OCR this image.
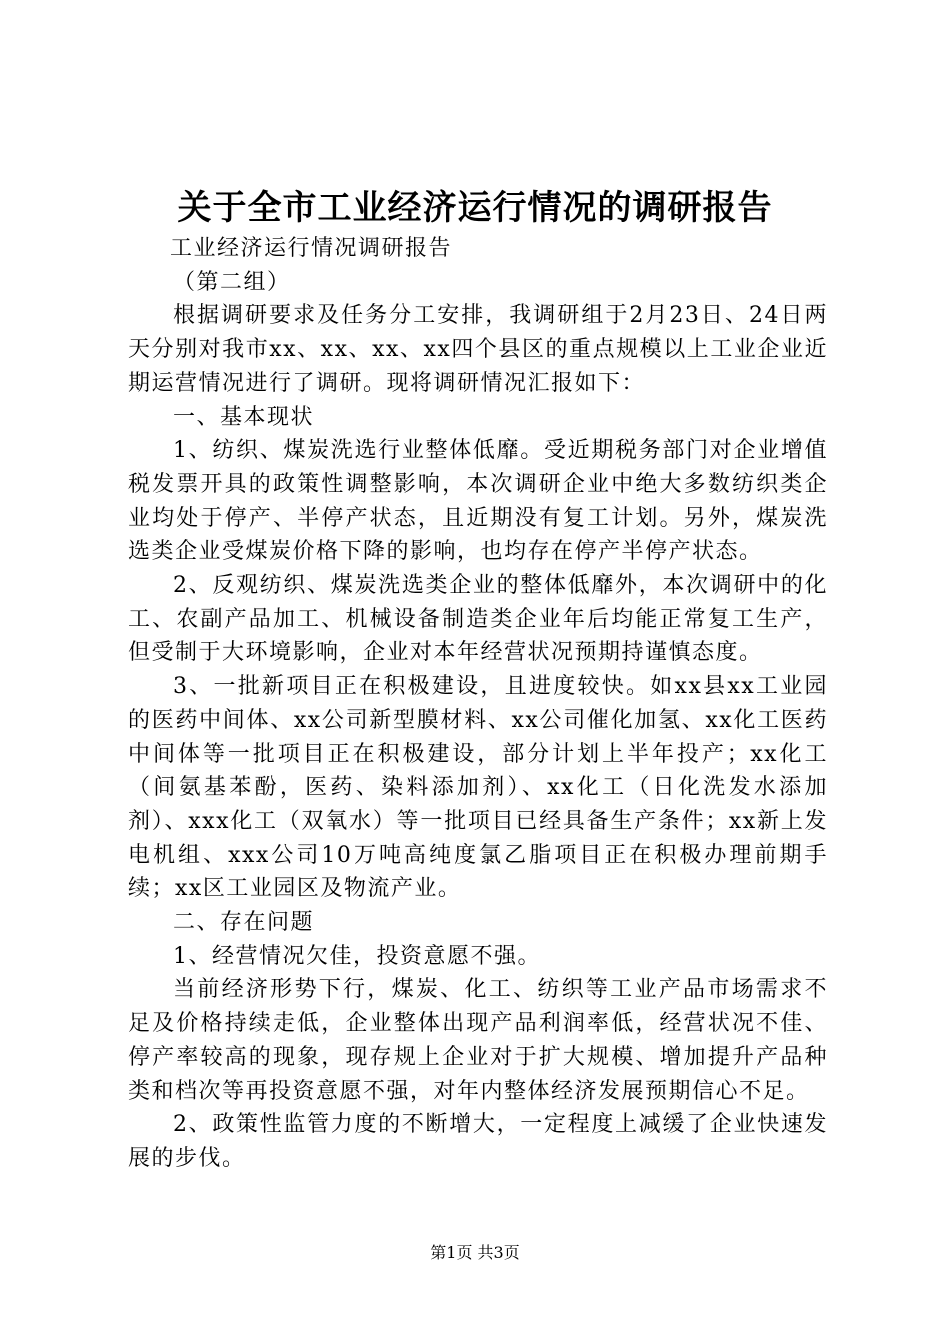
关于全市工业经济运行情况的调研报告

工业经济运行情况调研报告

（第二组）

根据调研要求及任务分工安排，我调研组于2月23日、24日两天分别对我市xx、xx、xx、xx四个县区的重点规模以上工业企业近期运营情况进行了调研。现将调研情况汇报如下：

一、基本现状

1、纺织、煤炭洗选行业整体低靡。受近期税务部门对企业增值税发票开具的政策性调整影响，本次调研企业中绝大多数纺织类企业均处于停产、半停产状态，且近期没有复工计划。另外，煤炭洗选类企业受煤炭价格下降的影响，也均存在停产半停产状态。

2、反观纺织、煤炭洗选类企业的整体低靡外，本次调研中的化工、农副产品加工、机械设备制造类企业年后均能正常复工生产，但受制于大环境影响，企业对本年经营状况预期持谨慎态度。

3、一批新项目正在积极建设，且进度较快。如xx县xx工业园的医药中间体、xx公司新型膜材料、xx公司催化加氢、xx化工医药中间体等一批项目正在积极建设，部分计划上半年投产；xx化工（间氨基苯酚，医药、染料添加剂）、xx化工（日化洗发水添加剂）、xxx化工（双氧水）等一批项目已经具备生产条件；xx新上发电机组、xxx公司10万吨高纯度氯乙脂项目正在积极办理前期手续；xx区工业园区及物流产业。

二、存在问题

1、经营情况欠佳，投资意愿不强。

当前经济形势下行，煤炭、化工、纺织等工业产品市场需求不足及价格持续走低，企业整体出现产品利润率低，经营状况不佳、停产率较高的现象，现存规上企业对于扩大规模、增加提升产品种类和档次等再投资意愿不强，对年内整体经济发展预期信心不足。

2、政策性监管力度的不断增大，一定程度上减缓了企业快速发展的步伐。

第1页 共3页
